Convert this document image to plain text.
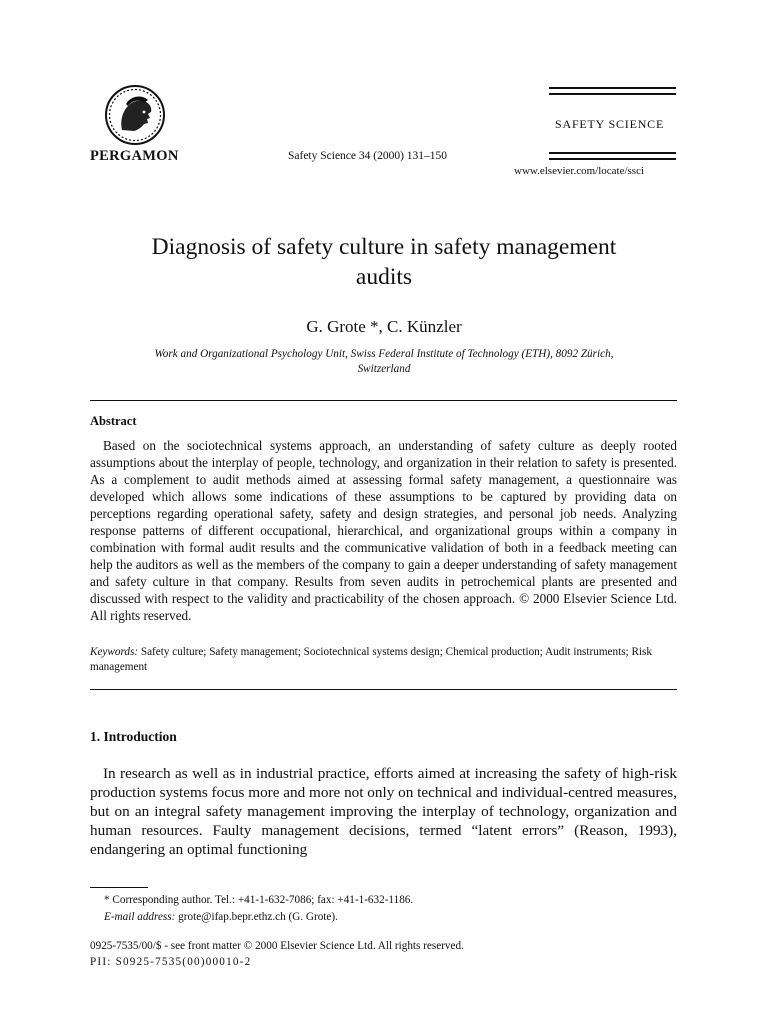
PERGAMON	Safety Science 34 (2000) 131–150
SAFETY SCIENCE
www.elsevier.com/locate/ssci
Diagnosis of safety culture in safety management
audits
G. Grote *, C. Künzler
Work and Organizational Psychology Unit, Swiss Federal Institute of Technology (ETH), 8092 Zürich,
Switzerland
Abstract
Based on the sociotechnical systems approach, an understanding of safety culture as deeply rooted assumptions about the interplay of people, technology, and organization in their relation to safety is presented. As a complement to audit methods aimed at assessing formal safety management, a questionnaire was developed which allows some indications of these assumptions to be captured by providing data on perceptions regarding operational safety, safety and design strategies, and personal job needs. Analyzing response patterns of different occupational, hierarchical, and organizational groups within a company in combination with formal audit results and the communicative validation of both in a feedback meeting can help the auditors as well as the members of the company to gain a deeper understanding of safety management and safety culture in that company. Results from seven audits in petrochemical plants are presented and discussed with respect to the validity and practicability of the chosen approach. © 2000 Elsevier Science Ltd. All rights reserved.
Keywords: Safety culture; Safety management; Sociotechnical systems design; Chemical production; Audit instruments; Risk management
1. Introduction
In research as well as in industrial practice, efforts aimed at increasing the safety of high-risk production systems focus more and more not only on technical and individual-centred measures, but on an integral safety management improving the interplay of technology, organization and human resources. Faulty management decisions, termed “latent errors” (Reason, 1993), endangering an optimal functioning
* Corresponding author. Tel.: +41-1-632-7086; fax: +41-1-632-1186.
E-mail address: grote@ifap.bepr.ethz.ch (G. Grote).
0925-7535/00/$ - see front matter © 2000 Elsevier Science Ltd. All rights reserved.
PII: S0925-7535(00)00010-2
